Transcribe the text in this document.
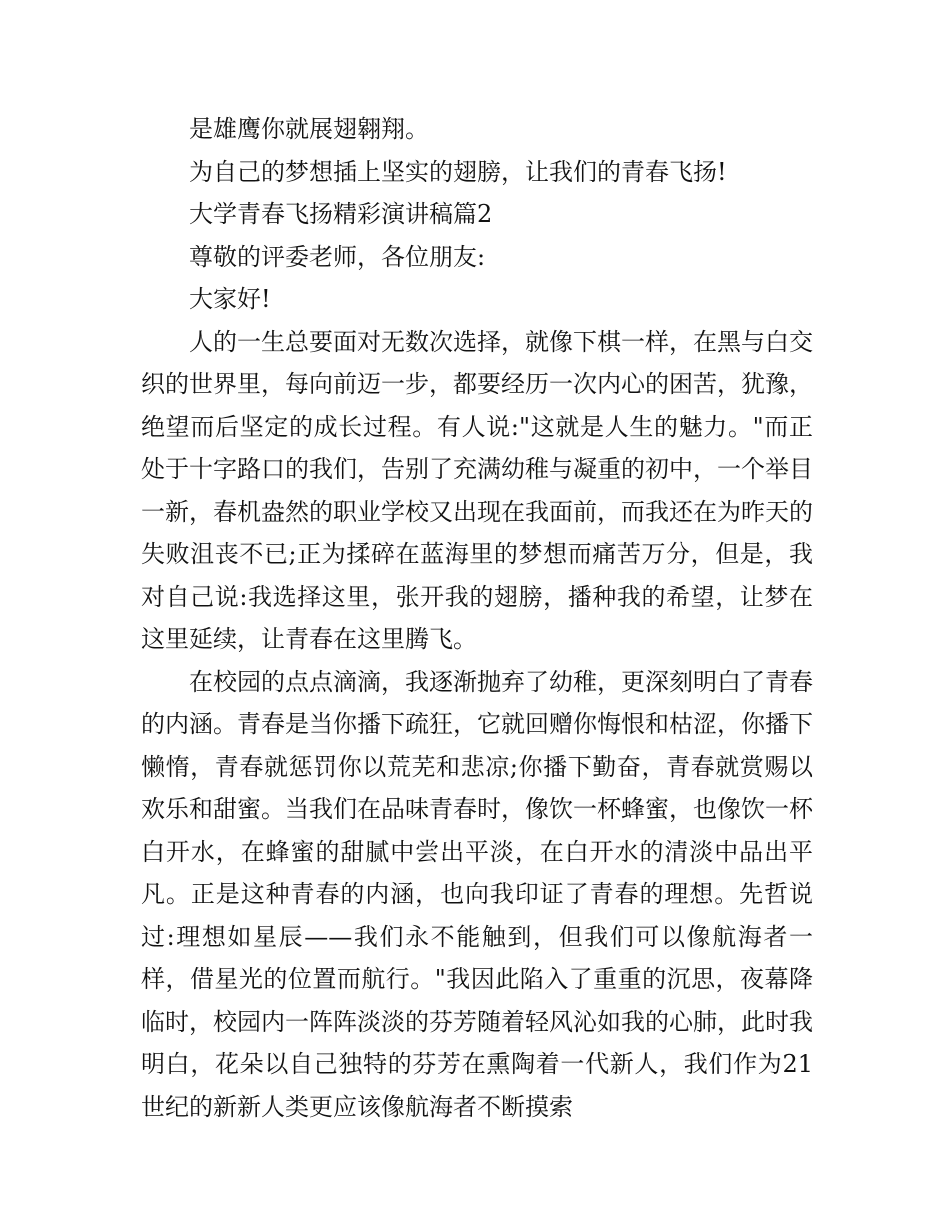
是雄鹰你就展翅翱翔。

为自己的梦想插上坚实的翅膀，让我们的青春飞扬!

大学青春飞扬精彩演讲稿篇2

尊敬的评委老师，各位朋友:

大家好!

人的一生总要面对无数次选择，就像下棋一样，在黑与白交织的世界里，每向前迈一步，都要经历一次内心的困苦，犹豫，绝望而后坚定的成长过程。有人说:"这就是人生的魅力。"而正处于十字路口的我们，告别了充满幼稚与凝重的初中，一个举目一新，春机盎然的职业学校又出现在我面前，而我还在为昨天的失败沮丧不已;正为揉碎在蓝海里的梦想而痛苦万分，但是，我对自己说:我选择这里，张开我的翅膀，播种我的希望，让梦在这里延续，让青春在这里腾飞。

在校园的点点滴滴，我逐渐抛弃了幼稚，更深刻明白了青春的内涵。青春是当你播下疏狂，它就回赠你悔恨和枯涩，你播下懒惰，青春就惩罚你以荒芜和悲凉;你播下勤奋，青春就赏赐以欢乐和甜蜜。当我们在品味青春时，像饮一杯蜂蜜，也像饮一杯白开水，在蜂蜜的甜腻中尝出平淡，在白开水的清淡中品出平凡。正是这种青春的内涵，也向我印证了青春的理想。先哲说过:理想如星辰——我们永不能触到，但我们可以像航海者一样，借星光的位置而航行。"我因此陷入了重重的沉思，夜幕降临时，校园内一阵阵淡淡的芬芳随着轻风沁如我的心肺，此时我明白，花朵以自己独特的芬芳在熏陶着一代新人，我们作为21世纪的新新人类更应该像航海者不断摸索
